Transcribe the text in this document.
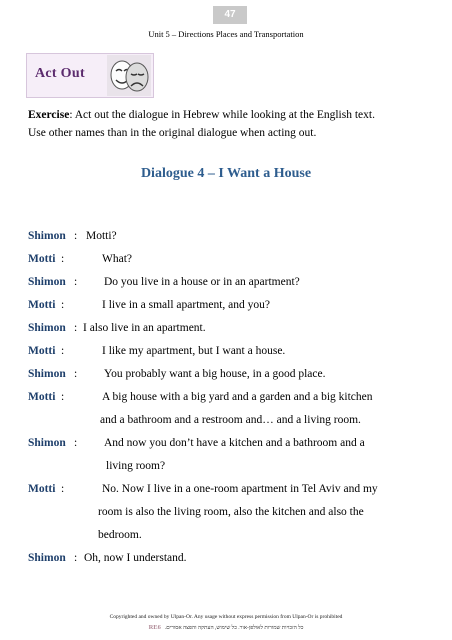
47
Unit 5 – Directions Places and Transportation
Act Out
Exercise: Act out the dialogue in Hebrew while looking at the English text. Use other names than in the original dialogue when acting out.
Dialogue 4 – I Want a House
Shimon : Motti?
Motti :	What?
Shimon : Do you live in a house or in an apartment?
Motti :	I live in a small apartment, and you?
Shimon : I also live in an apartment.
Motti :	I like my apartment, but I want a house.
Shimon : You probably want a big house, in a good place.
Motti :	A big house with a big yard and a garden and a big kitchen
and a bathroom and a restroom and… and a living room.
Shimon : And now you don’t have a kitchen and a bathroom and a
living room?
Motti :	No. Now I live in a one-room apartment in Tel Aviv and my
room is also the living room, also the kitchen and also the
bedroom.
Shimon : Oh, now I understand.
Copyrighted and owned by Ulpan-Or. Any usage without express permission from Ulpan-Or is prohibited
RE6 כל הזכויות שמורות לאולפן-אור. כל שימוש, העתקה והפצה אסורים.
